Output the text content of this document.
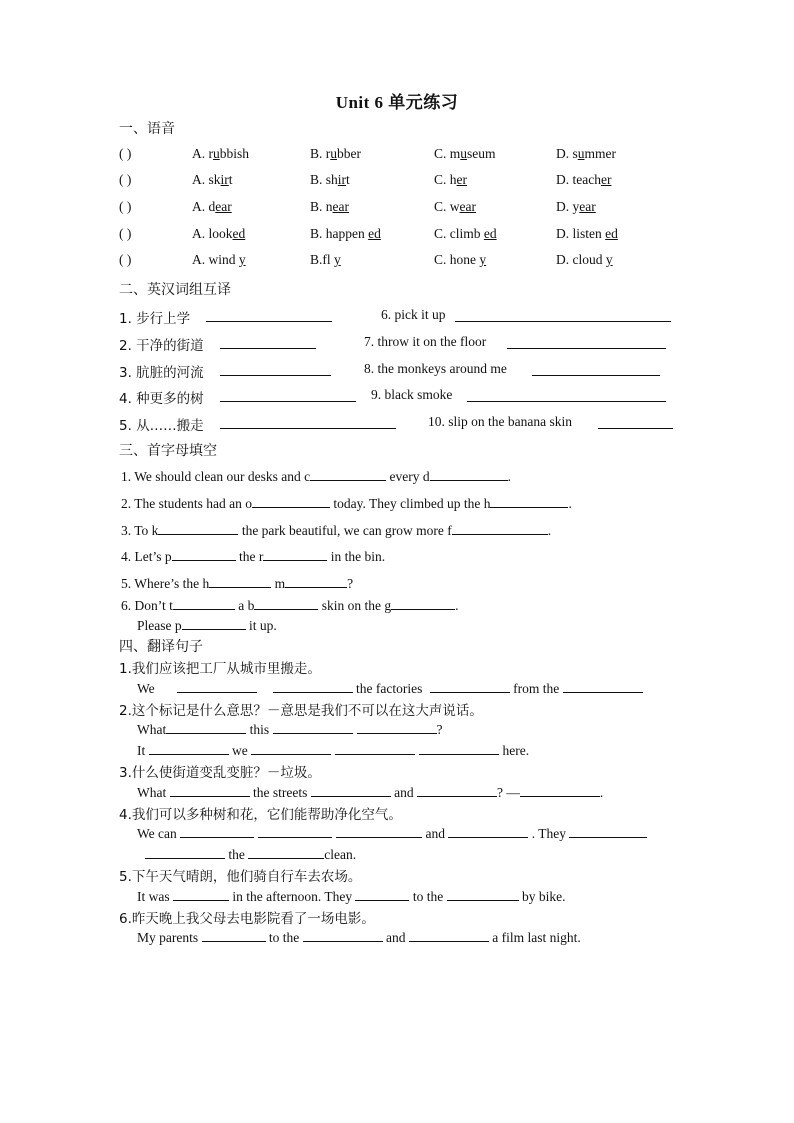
Unit 6 单元练习
一、语音
( )	A. rubbish	B. rubber	C. museum	D. summer
( )	A. skirt	B. shirt	C. her	D. teacher
( )	A. dear	B. near	C. wear	D. year
( )	A. looked	B. happen ed	C. climb ed	D. listen ed
( )	A. wind y	B.fl y	C. hone y	D. cloud y
二、英汉词组互译
1. 步行上学	6. pick it up
2. 干净的街道	7. throw it on the floor
3. 肮脏的河流	8. the monkeys around me
4. 种更多的树	9. black smoke
5. 从……搬走	10. slip on the banana skin
三、首字母填空
1. We should clean our desks and c	every d	.
2. The students had an o	today. They climbed up the h	.
3. To k	the park beautiful, we can grow more f	.
4. Let’s p	the r	in the bin.
5. Where’s the h	m	?
6. Don’t t	a b	skin on the g	.
Please p	it up.
四、翻译句子
1.我们应该把工厂从城市里搬走。
We	the factories	from the
2.这个标记是什么意思？－意思是我们不可以在这大声说话。
What	this	?
It	we	here.
3.什么使街道变乱变脏？－垃圾。
What	the streets	and	? —	.
4.我们可以多种树和花，它们能帮助净化空气。
We can	and	. They
the	clean.
5.下午天气晴朗，他们骑自行车去农场。
It was	in the afternoon. They	to the	by bike.
6.昨天晚上我父母去电影院看了一场电影。
My parents	to the	and	a film last night.
